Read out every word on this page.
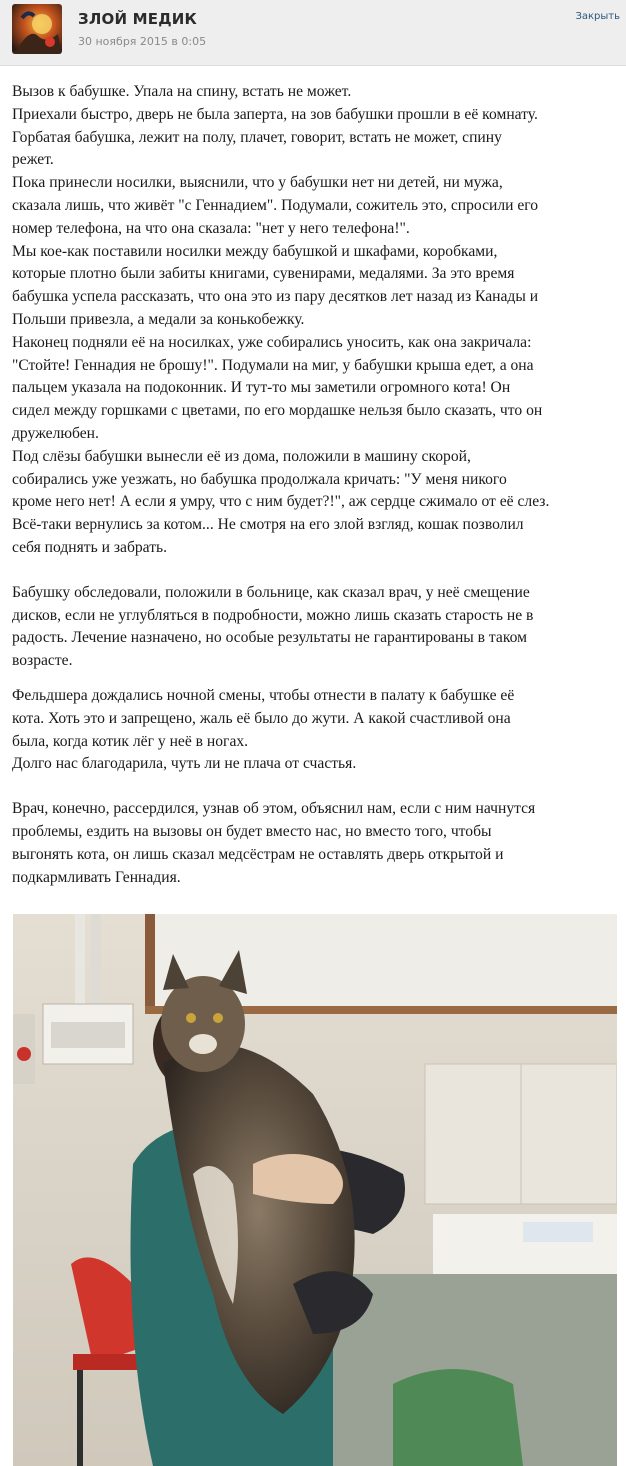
ЗЛОЙ МЕДИК
30 ноября 2015 в 0:05
Закрыть

Вызов к бабушке. Упала на спину, встать не может.

Приехали быстро, дверь не была заперта, на зов бабушки прошли в её комнату.

Горбатая бабушка, лежит на полу, плачет, говорит, встать не может, спину

режет.

Пока принесли носилки, выяснили, что у бабушки нет ни детей, ни мужа,

сказала лишь, что живёт "с Геннадием". Подумали, сожитель это, спросили его

номер телефона, на что она сказала: "нет у него телефона!".

Мы кое-как поставили носилки между бабушкой и шкафами, коробками,

которые плотно были забиты книгами, сувенирами, медалями. За это время

бабушка успела рассказать, что она это из пару десятков лет назад из Канады и

Польши привезла, а медали за конькобежку.

Наконец подняли её на носилках, уже собирались уносить, как она закричала:

"Стойте! Геннадия не брошу!". Подумали на миг, у бабушки крыша едет, а она

пальцем указала на подоконник. И тут-то мы заметили огромного кота! Он

сидел между горшками с цветами, по его мордашке нельзя было сказать, что он

дружелюбен.

Под слёзы бабушки вынесли её из дома, положили в машину скорой,

собирались уже уезжать, но бабушка продолжала кричать: "У меня никого

кроме него нет! А если я умру, что с ним будет?!", аж сердце сжимало от её слез.

Всё-таки вернулись за котом... Не смотря на его злой взгляд, кошак позволил

себя поднять и забрать.

Бабушку обследовали, положили в больнице, как сказал врач, у неё смещение

дисков, если не углубляться в подробности, можно лишь сказать старость не в

радость. Лечение назначено, но особые результаты не гарантированы в таком

возрасте.

Фельдшера дождались ночной смены, чтобы отнести в палату к бабушке её

кота. Хоть это и запрещено, жаль её было до жути. А какой счастливой она

была, когда котик лёг у неё в ногах.

Долго нас благодарила, чуть ли не плача от счастья.

Врач, конечно, рассердился, узнав об этом, объяснил нам, если с ним начнутся

проблемы, ездить на вызовы он будет вместо нас, но вместо того, чтобы

выгонять кота, он лишь сказал медсёстрам не оставлять дверь открытой и

подкармливать Геннадия.
